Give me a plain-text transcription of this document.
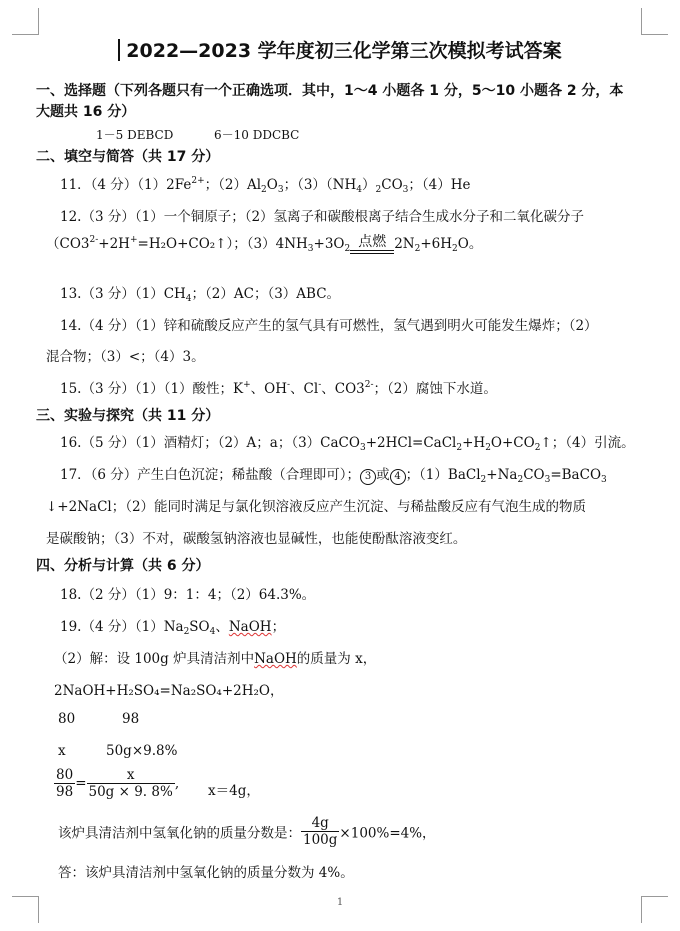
2022—2023 学年度初三化学第三次模拟考试答案
一、选择题（下列各题只有一个正确选项．其中，1～4 小题各 1 分，5～10 小题各 2 分，本
大题共 16 分）
1－5 DEBCD	6－10 DDCBC
二、填空与简答（共 17 分）
11．（4 分）$(1)2Fe^{2+}$；$(2)Al_2O_3$；$(3)(NH_4)_2CO_3$；（4）He
12.（3 分）（1）一个铜原子；（2）氢离子和碳酸根离子结合生成水分子和二氧化碳分子
$(CO3^{2-}+2H^+=H_2O+CO_2↑)$；$(3)4NH_3+3O_2$ 点燃 $2N_2+6H_2O$。
13.（3 分）$(1)CH_4$；（2）AC；（3）ABC。
14.（4 分）（1）锌和硫酸反应产生的氢气具有可燃性，氢气遇到明火可能发生爆炸；（2）
混合物；（3）<；（4）3。
15.（3 分）（1）（1）酸性；K+、OH-、Cl-、$CO3^{2-}$；（2）腐蚀下水道。
三、实验与探究（共 11 分）
16.（5 分）（1）酒精灯；（2）A；a；$(3)CaCO_3+2HCl=CaCl_2+H_2O+CO_2↑$；（4）引流。
17．（6 分）产生白色沉淀；稀盐酸（合理即可）； 3 或 4 ；$(1)BaCl_2+Na_2CO_3=BaCO_3$
↓+2NaCl；（2）能同时满足与氯化钡溶液反应产生沉淀、与稀盐酸反应有气泡生成的物质
是碳酸钠；（3）不对，碳酸氢钠溶液也显碱性，也能使酚酞溶液变红。
四、分析与计算（共 6 分）
18.（2 分）（1）9：1：4；（2）64.3%。
19.（4 分）$(1)Na_2SO_4$、NaOH；
（2）解：设 100g 炉具清洁剂中NaOH的质量为 x，
2NaOH+H₂SO₄=Na₂SO₄+2H₂O，
80	98
x	50g×9.8%
$\frac{80}{98} = \frac{x}{50g \times 9. 8\%}$ , x＝4g，
该炉具清洁剂中氢氧化钠的质量分数是： $\frac{4g}{100g} \times 100\%=4\%$，
答：该炉具清洁剂中氢氧化钠的质量分数为 4%。
1
